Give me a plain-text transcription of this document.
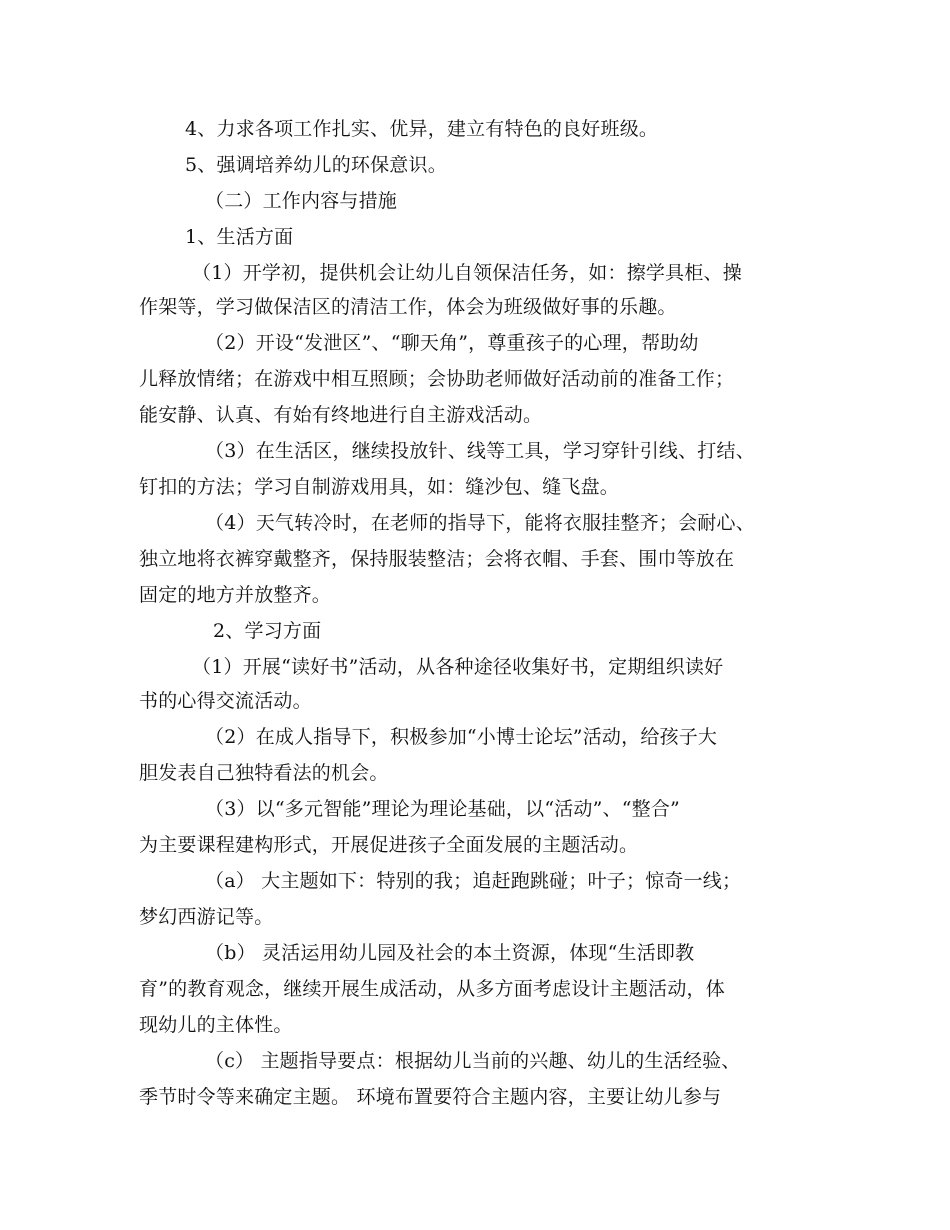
4、力求各项工作扎实、优异，建立有特色的良好班级。
5、强调培养幼儿的环保意识。
（二）工作内容与措施
1、生活方面
（1）开学初，提供机会让幼儿自领保洁任务，如：擦学具柜、操
作架等，学习做保洁区的清洁工作，体会为班级做好事的乐趣。
（2）开设“发泄区”、“聊天角”，尊重孩子的心理，帮助幼
儿释放情绪；在游戏中相互照顾；会协助老师做好活动前的准备工作；
能安静、认真、有始有终地进行自主游戏活动。
（3）在生活区，继续投放针、线等工具，学习穿针引线、打结、
钉扣的方法；学习自制游戏用具，如：缝沙包、缝飞盘。
（4）天气转冷时，在老师的指导下，能将衣服挂整齐；会耐心、
独立地将衣裤穿戴整齐，保持服装整洁；会将衣帽、手套、围巾等放在
固定的地方并放整齐。
2、学习方面
（1）开展“读好书”活动，从各种途径收集好书，定期组织读好
书的心得交流活动。
（2）在成人指导下，积极参加“小博士论坛”活动，给孩子大
胆发表自己独特看法的机会。
（3）以“多元智能”理论为理论基础，以“活动”、“整合”
为主要课程建构形式，开展促进孩子全面发展的主题活动。
（a） 大主题如下：特别的我；追赶跑跳碰；叶子；惊奇一线；
梦幻西游记等。
（b） 灵活运用幼儿园及社会的本土资源，体现“生活即教
育”的教育观念，继续开展生成活动，从多方面考虑设计主题活动，体
现幼儿的主体性。
（c） 主题指导要点：根据幼儿当前的兴趣、幼儿的生活经验、
季节时令等来确定主题。 环境布置要符合主题内容，主要让幼儿参与
